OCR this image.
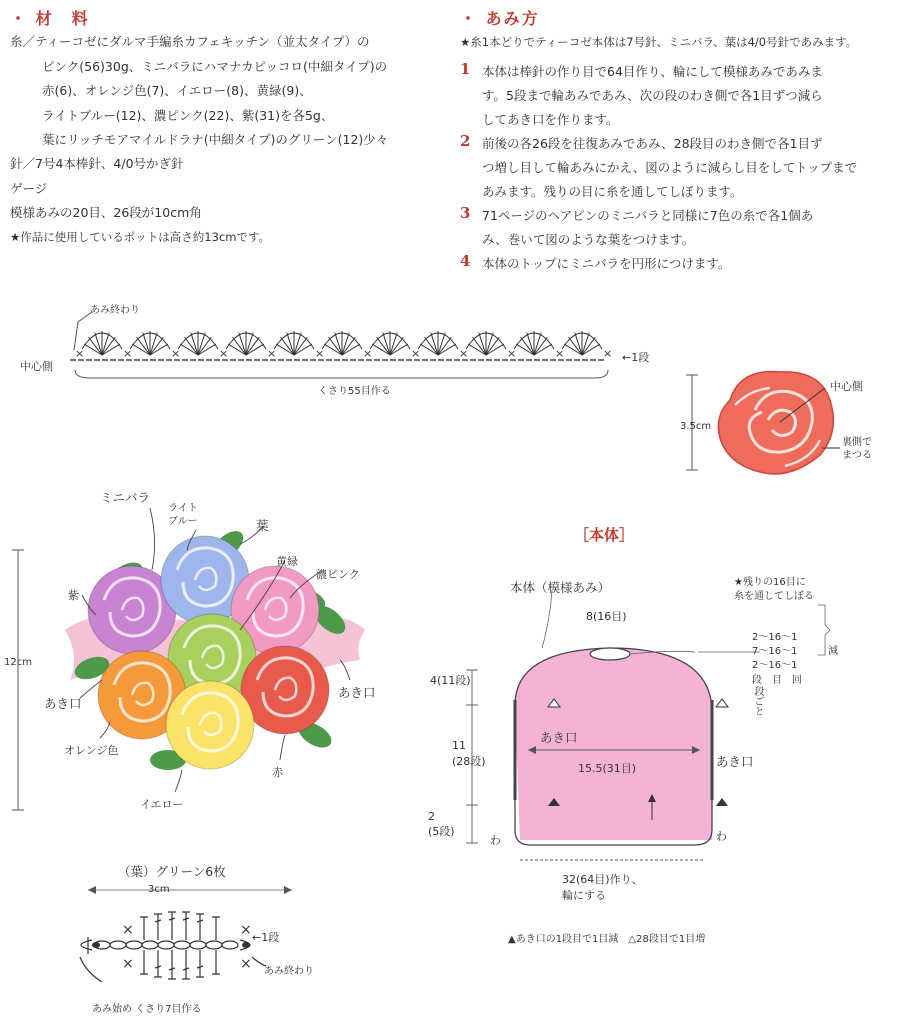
・ 材　料
糸／ティーコゼにダルマ手編糸カフェキッチン（並太タイプ）の
ピンク(56)30g、ミニバラにハマナカピッコロ(中細タイプ)の
赤(6)、オレンジ色(7)、イエロー(8)、黄緑(9)、
ライトブルー(12)、濃ピンク(22)、紫(31)を各5g、
葉にリッチモアマイルドラナ(中細タイプ)のグリーン(12)少々
針／7号4本棒針、4/0号かぎ針
ゲージ
模様あみの20目、26段が10cm角
★作品に使用しているポットは高さ約13cmです。
・ あみ方
★糸1本どりでティーコゼ本体は7号針、ミニバラ、葉は4/0号針であみます。
1 本体は棒針の作り目で64目作り、輪にして模様あみであみま
す。5段まで輪あみであみ、次の段のわき側で各1目ずつ減ら
してあき口を作ります。
2 前後の各26段を往復あみであみ、28段目のわき側で各1目ず
つ増し目して輪あみにかえ、図のように減らし目をしてトップまで
あみます。残りの目に糸を通してしぼります。
3 71ページのヘアピンのミニバラと同様に7色の糸で各1個あ
み、巻いて図のような葉をつけます。
4 本体のトップにミニバラを円形につけます。
×	×	×	×	×	×	×	×	×	×	×	×
あみ終わり
中心側
←1段
くさり55目作る
3.5cm
中心側
裏側で
まつる
ミニバラ
ライト
ブルー	葉
黄緑
濃ピンク
紫
あき口
あき口
オレンジ色
赤
イエロー
12cm
［本体］
本体（模様あみ）
8(16目)
★残りの16目に
糸を通してしぼる
2～16～1
7～16～1
2～16～1
段　目　回
減
段ごと
4(11段)
11
(28段)
2
(5段)
あき口
あき口
15.5(31目)
わ	わ
32(64目)作り、
輪にする
▲あき口の1段目で1目減　△28段目で1目増
（葉）グリーン6枚
×
×
×
×
3cm
←1段
あみ終わり
あみ始め くさり7目作る
